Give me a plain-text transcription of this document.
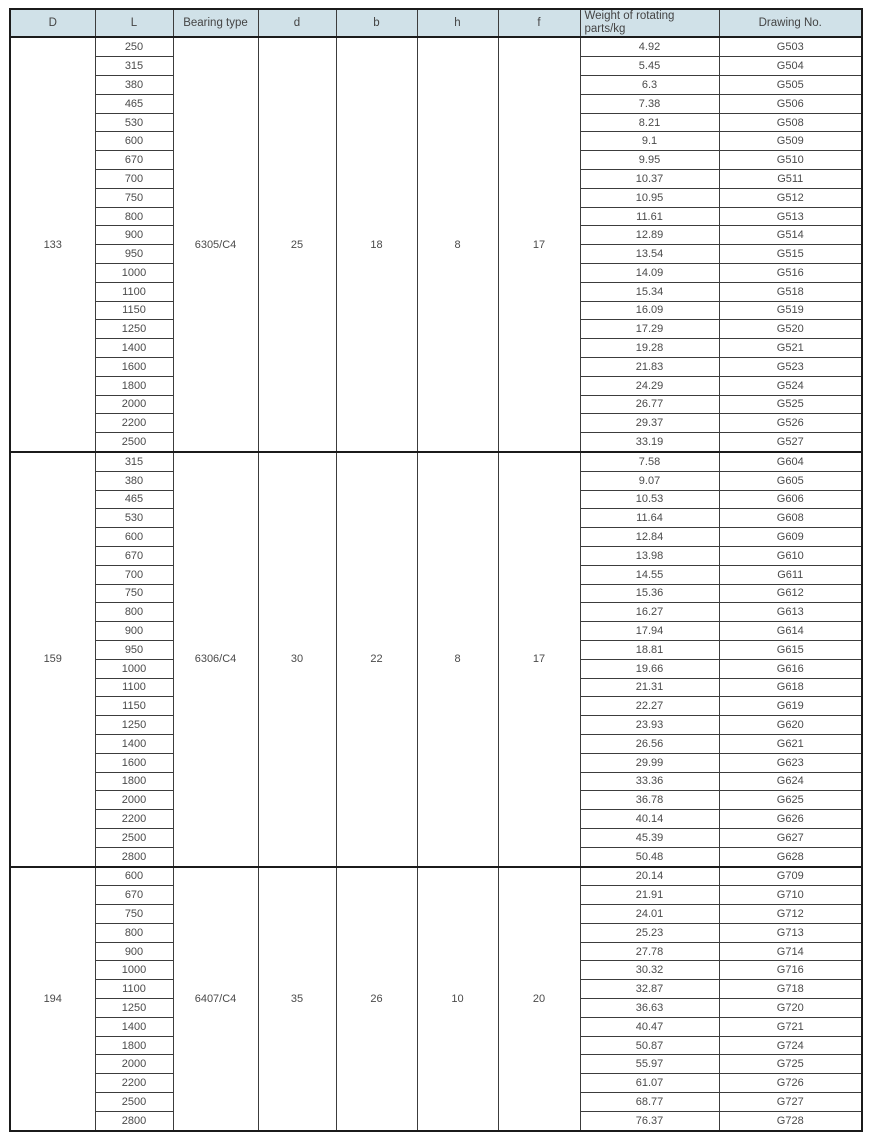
D	L	Bearing type	d	b	h	f	Weight of rotating parts/kg	Drawing No.
133	250	6305/C4	25	18	8	17	4.92	G503
	315						5.45	G504
	380						6.3	G505
	465						7.38	G506
	530						8.21	G508
	600						9.1	G509
	670						9.95	G510
	700						10.37	G511
	750						10.95	G512
	800						11.61	G513
	900						12.89	G514
	950						13.54	G515
	1000						14.09	G516
	1100						15.34	G518
	1150						16.09	G519
	1250						17.29	G520
	1400						19.28	G521
	1600						21.83	G523
	1800						24.29	G524
	2000						26.77	G525
	2200						29.37	G526
	2500						33.19	G527
159	315	6306/C4	30	22	8	17	7.58	G604
	380						9.07	G605
	465						10.53	G606
	530						11.64	G608
	600						12.84	G609
	670						13.98	G610
	700						14.55	G611
	750						15.36	G612
	800						16.27	G613
	900						17.94	G614
	950						18.81	G615
	1000						19.66	G616
	1100						21.31	G618
	1150						22.27	G619
	1250						23.93	G620
	1400						26.56	G621
	1600						29.99	G623
	1800						33.36	G624
	2000						36.78	G625
	2200						40.14	G626
	2500						45.39	G627
	2800						50.48	G628
194	600	6407/C4	35	26	10	20	20.14	G709
	670						21.91	G710
	750						24.01	G712
	800						25.23	G713
	900						27.78	G714
	1000						30.32	G716
	1100						32.87	G718
	1250						36.63	G720
	1400						40.47	G721
	1800						50.87	G724
	2000						55.97	G725
	2200						61.07	G726
	2500						68.77	G727
	2800						76.37	G728
